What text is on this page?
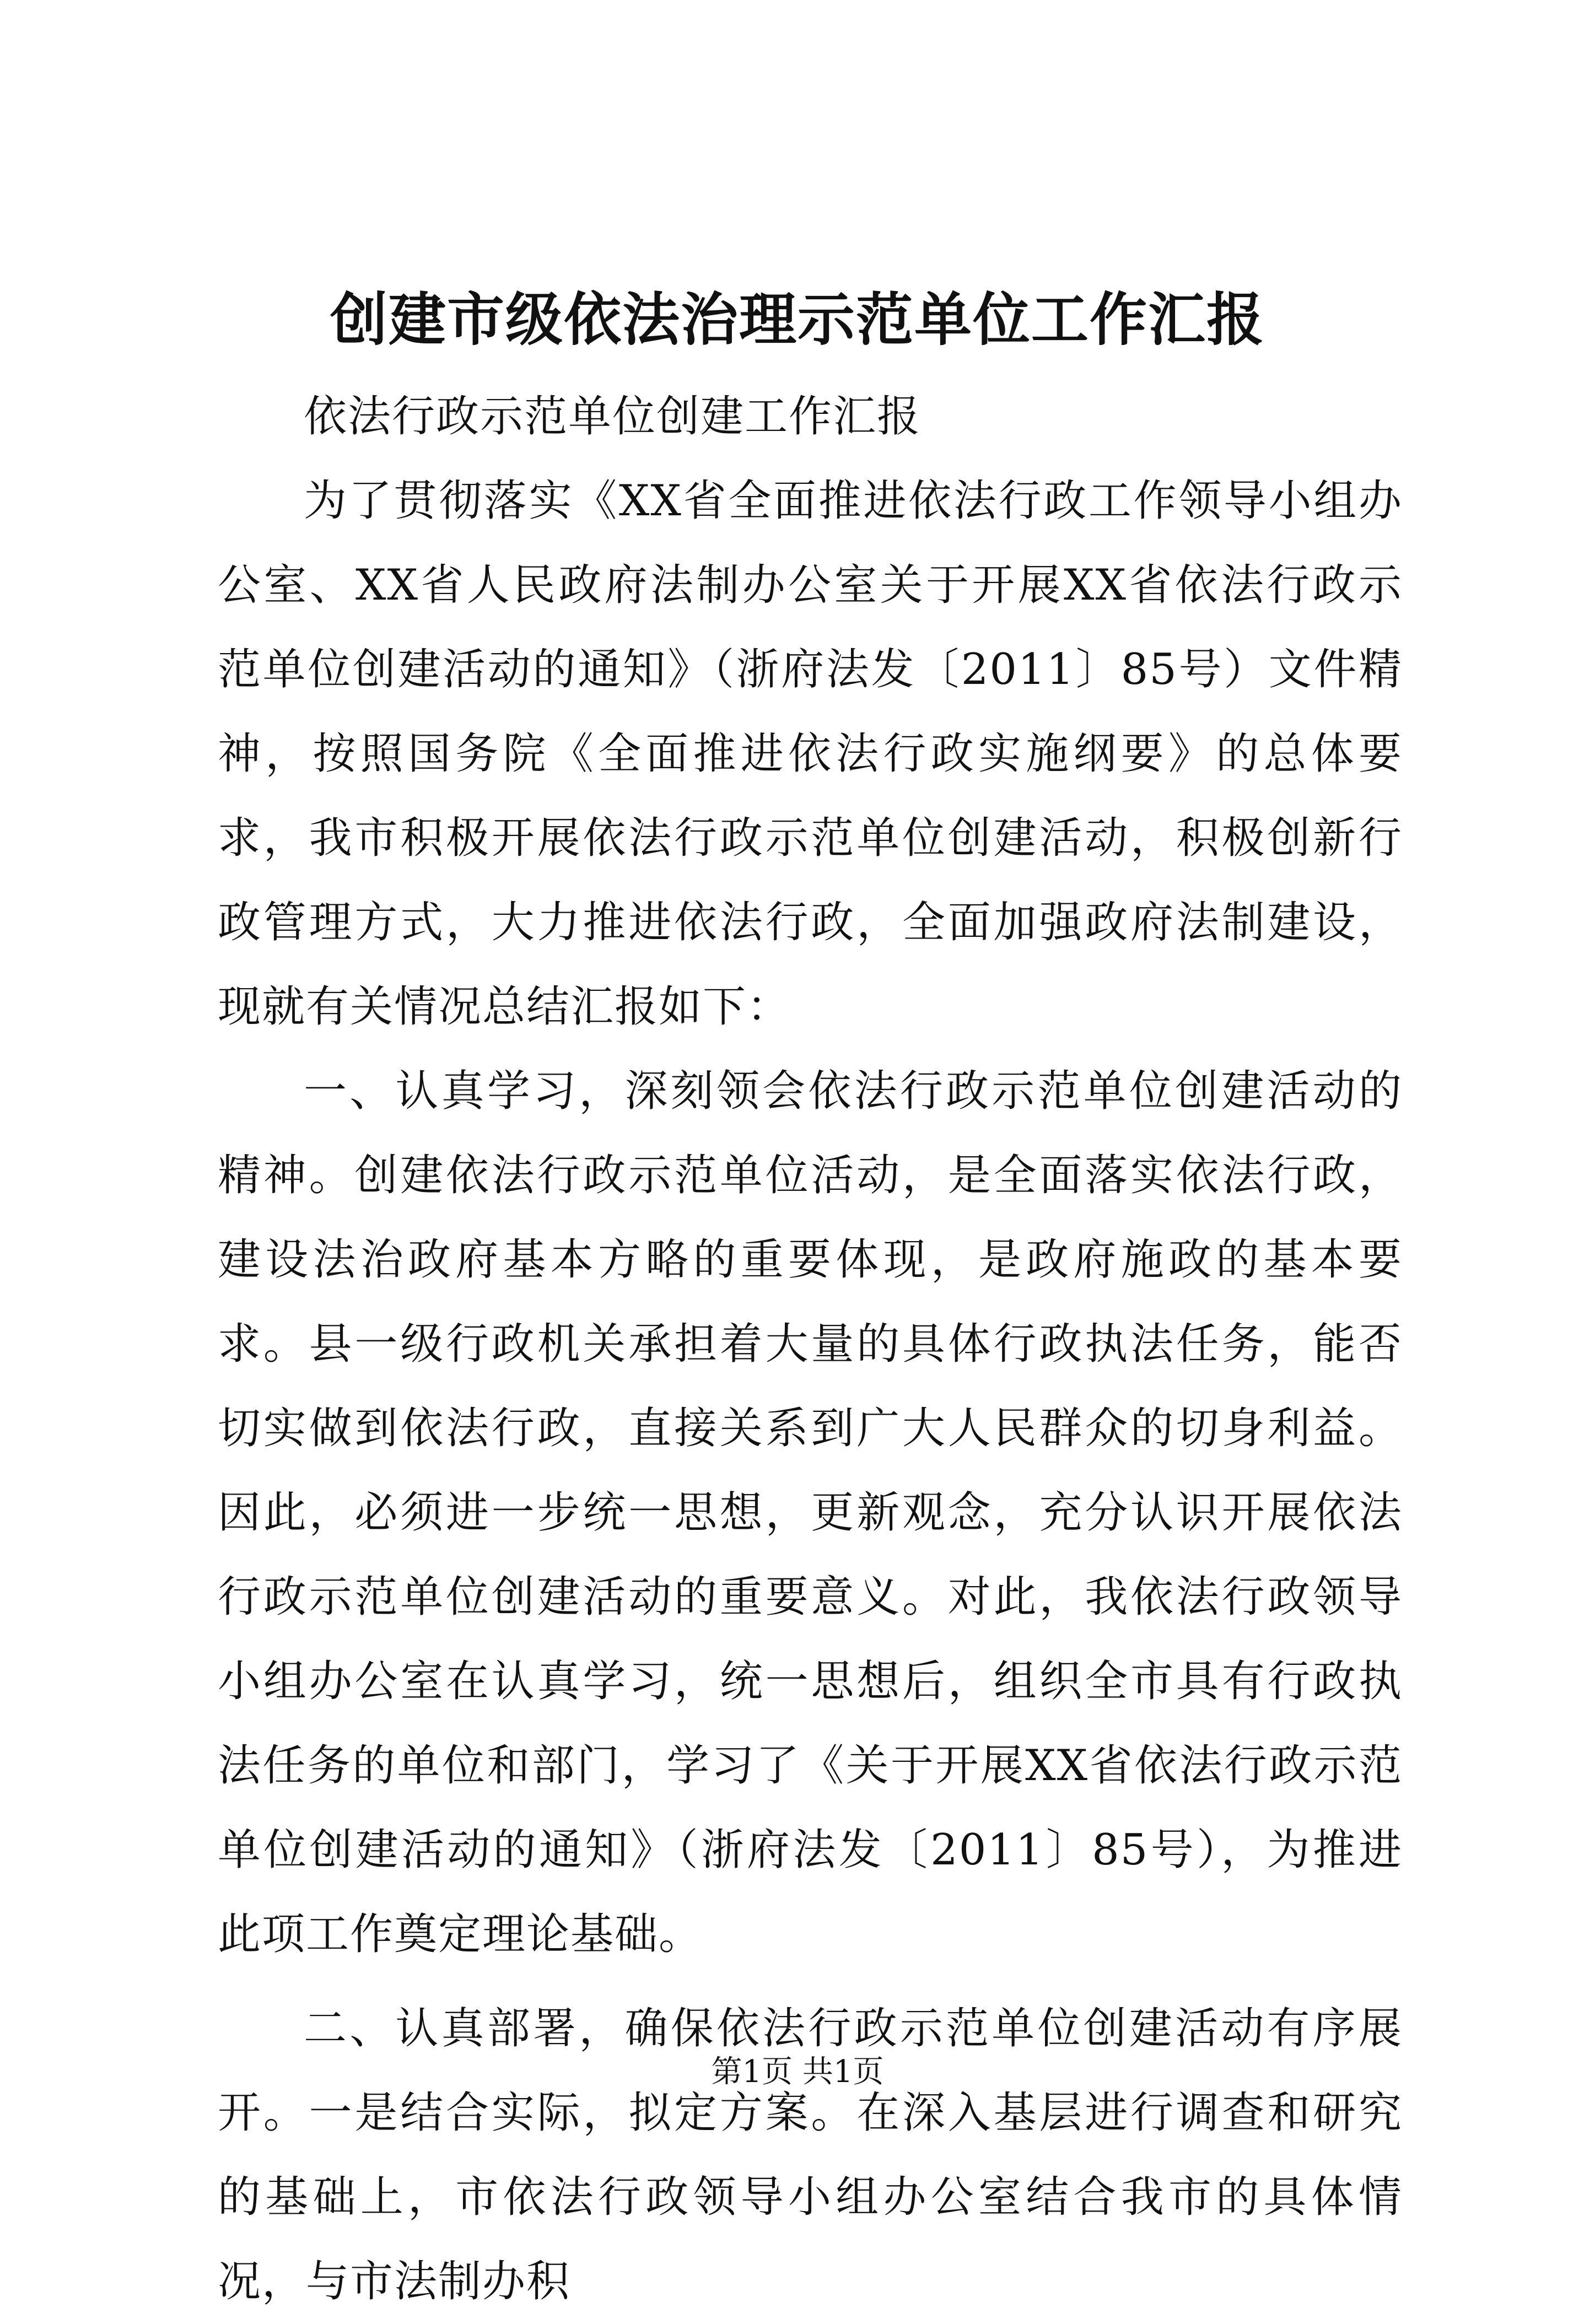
创建市级依法治理示范单位工作汇报

依法行政示范单位创建工作汇报

为了贯彻落实《XX省全面推进依法行政工作领导小组办公室、XX省人民政府法制办公室关于开展XX省依法行政示范单位创建活动的通知》（浙府法发〔2011〕85号）文件精神，按照国务院《全面推进依法行政实施纲要》的总体要求，我市积极开展依法行政示范单位创建活动，积极创新行政管理方式，大力推进依法行政，全面加强政府法制建设，现就有关情况总结汇报如下：

一、认真学习，深刻领会依法行政示范单位创建活动的精神。创建依法行政示范单位活动，是全面落实依法行政，建设法治政府基本方略的重要体现，是政府施政的基本要求。县一级行政机关承担着大量的具体行政执法任务，能否切实做到依法行政，直接关系到广大人民群众的切身利益。因此，必须进一步统一思想，更新观念，充分认识开展依法行政示范单位创建活动的重要意义。对此，我依法行政领导小组办公室在认真学习，统一思想后，组织全市具有行政执法任务的单位和部门，学习了《关于开展XX省依法行政示范单位创建活动的通知》（浙府法发〔2011〕85号），为推进此项工作奠定理论基础。

二、认真部署，确保依法行政示范单位创建活动有序展开。一是结合实际，拟定方案。在深入基层进行调查和研究的基础上，市依法行政领导小组办公室结合我市的具体情况，与市法制办积

第1页 共1页
